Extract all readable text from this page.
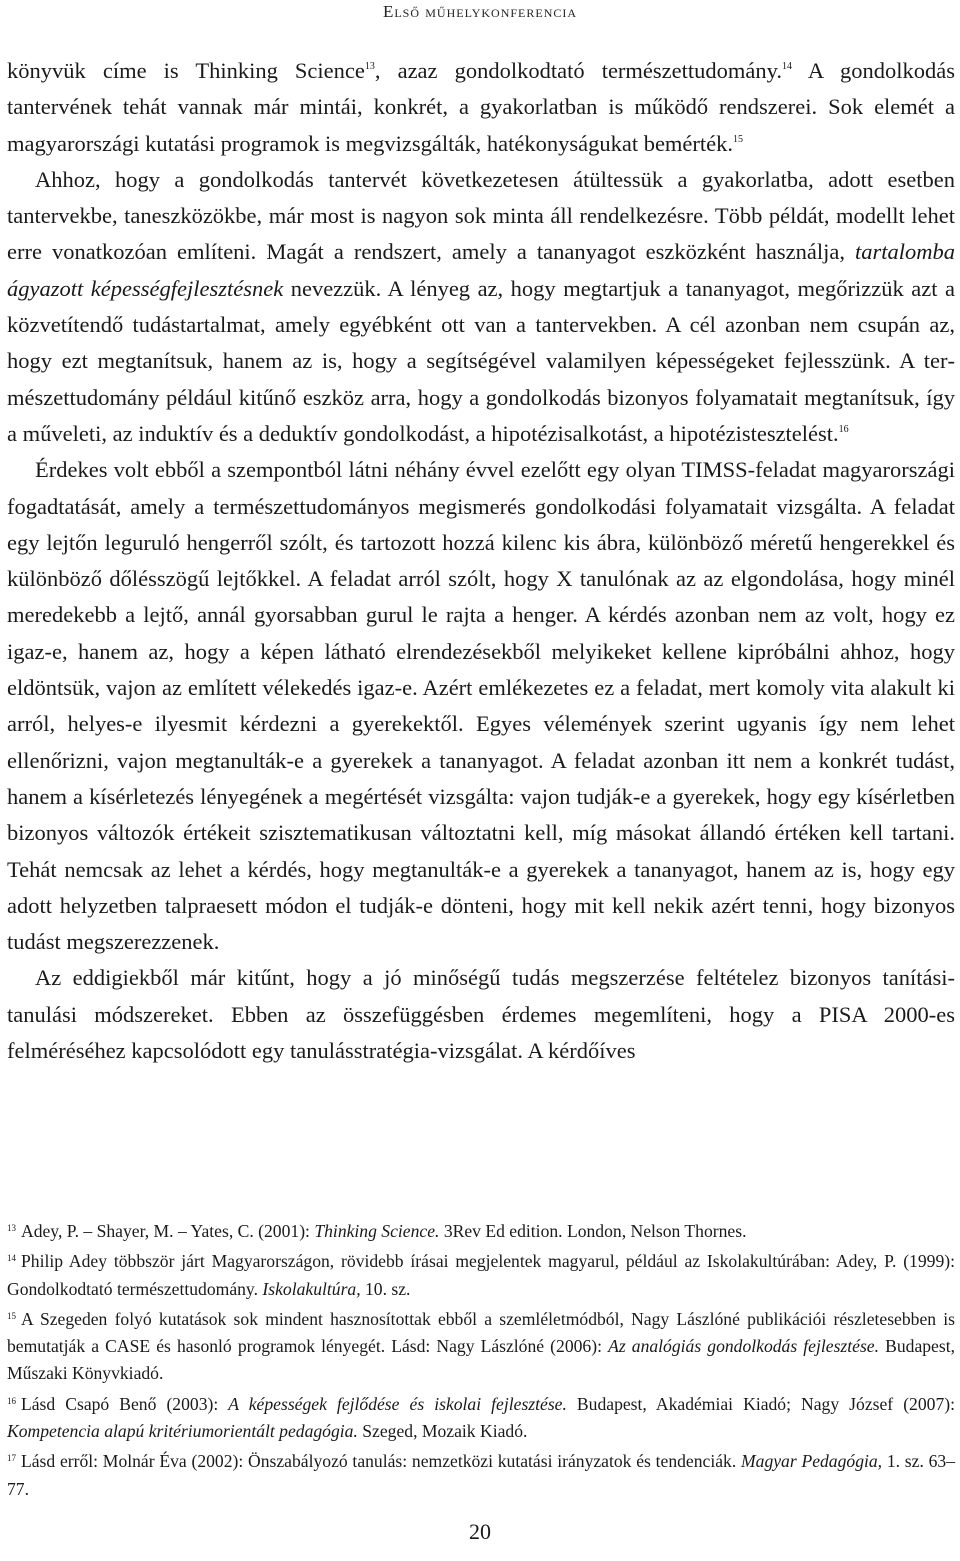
Első műhelykonferencia

könyvük címe is Thinking Science$^{13}$, azaz gondolkodtató természettudomány.$^{14}$ A gondolkodás tantervének tehát vannak már mintái, konkrét, a gyakorlatban is működő rendszerei. Sok elemét a magyarországi kutatási programok is megvizsgálták, hatékonyságukat bemérték.$^{15}$

Ahhoz, hogy a gondolkodás tantervét következetesen átültessük a gyakorlatba, adott esetben tantervekbe, taneszközökbe, már most is nagyon sok minta áll rendelkezésre. Több példát, modellt lehet erre vonatkozóan említeni. Magát a rendszert, amely a tananyagot eszközként használja, tartalomba ágyazott képességfejlesztésnek nevezzük. A lényeg az, hogy megtartjuk a tananyagot, megőrizzük azt a közvetítendő tudástartalmat, amely egyébként ott van a tantervekben. A cél azonban nem csupán az, hogy ezt megtanítsuk, hanem az is, hogy a segítségével valamilyen képességeket fejlesszünk. A természettudomány például kitűnő eszköz arra, hogy a gondolkodás bizonyos folyamatait megtanítsuk, így a műveleti, az induktív és a deduktív gondolkodást, a hipotézisalkotást, a hipotézistesztelést.$^{16}$

Érdekes volt ebből a szempontból látni néhány évvel ezelőtt egy olyan TIMSS-feladat magyarországi fogadtatását, amely a természettudományos megismerés gondolkodási folyamatait vizsgálta. A feladat egy lejtőn leguruló hengerről szólt, és tartozott hozzá kilenc kis ábra, különböző méretű hengerekkel és különböző dőlésszögű lejtőkkel. A feladat arról szólt, hogy X tanulónak az az elgondolása, hogy minél meredekebb a lejtő, annál gyorsabban gurul le rajta a henger. A kérdés azonban nem az volt, hogy ez igaz-e, hanem az, hogy a képen látható elrendezésekből melyikeket kellene kipróbálni ahhoz, hogy eldöntsük, vajon az említett vélekedés igaz-e. Azért emlékezetes ez a feladat, mert komoly vita alakult ki arról, helyes-e ilyesmit kérdezni a gyerekektől. Egyes vélemények szerint ugyanis így nem lehet ellenőrizni, vajon megtanulták-e a gyerekek a tananyagot. A feladat azonban itt nem a konkrét tudást, hanem a kísérletezés lényegének a megértését vizsgálta: vajon tudják-e a gyerekek, hogy egy kísérletben bizonyos változók értékeit szisztematikusan változtatni kell, míg másokat állandó értéken kell tartani. Tehát nemcsak az lehet a kérdés, hogy megtanulták-e a gyerekek a tananyagot, hanem az is, hogy egy adott helyzetben talpraesett módon el tudják-e dönteni, hogy mit kell nekik azért tenni, hogy bizonyos tudást megszerezzenek.

Az eddigiekből már kitűnt, hogy a jó minőségű tudás megszerzése feltételez bizonyos tanítási-tanulási módszereket. Ebben az összefüggésben érdemes megemlíteni, hogy a PISA 2000-es felméréséhez kapcsolódott egy tanulásstratégia-vizsgálat. A kérdőíves

$^{13}$ Adey, P. – Shayer, M. – Yates, C. (2001): Thinking Science. 3Rev Ed edition. London, Nelson Thornes.

$^{14}$ Philip Adey többször járt Magyarországon, rövidebb írásai megjelentek magyarul, például az Iskolakultúrában: Adey, P. (1999): Gondolkodtató természettudomány. Iskolakultúra, 10. sz.

$^{15}$ A Szegeden folyó kutatások sok mindent hasznosítottak ebből a szemléletmódból, Nagy Lászlóné publikációi részletesebben is bemutatják a CASE és hasonló programok lényegét. Lásd: Nagy Lászlóné (2006): Az analógiás gondolkodás fejlesztése. Budapest, Műszaki Könyvkiadó.

$^{16}$ Lásd Csapó Benő (2003): A képességek fejlődése és iskolai fejlesztése. Budapest, Akadémiai Kiadó; Nagy József (2007): Kompetencia alapú kritériumorientált pedagógia. Szeged, Mozaik Kiadó.

$^{17}$ Lásd erről: Molnár Éva (2002): Önszabályozó tanulás: nemzetközi kutatási irányzatok és tendenciák. Magyar Pedagógia, 1. sz. 63–77.

20
